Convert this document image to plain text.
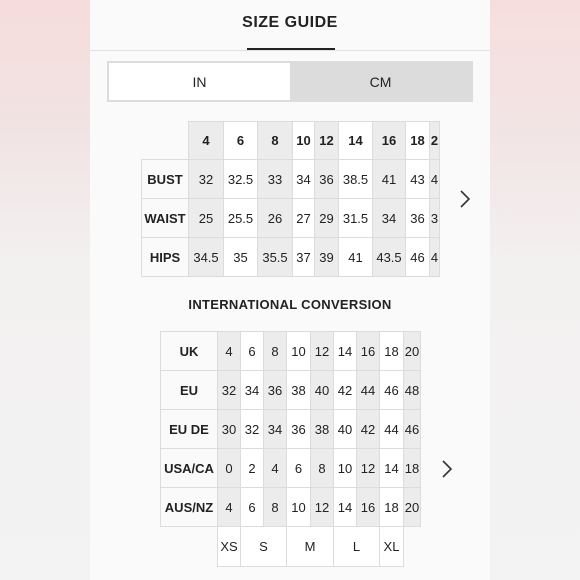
SIZE GUIDE
IN	CM
	4	6	8	10	12	14	16	18	2
BUST	32	32.5	33	34	36	38.5	41	43	4
WAIST	25	25.5	26	27	29	31.5	34	36	3
HIPS	34.5	35	35.5	37	39	41	43.5	46	4
INTERNATIONAL CONVERSION
UK	4	6	8	10	12	14	16	18	20
EU	32	34	36	38	40	42	44	46	48
EU DE	30	32	34	36	38	40	42	44	46
USA/CA	0	2	4	6	8	10	12	14	18
AUS/NZ	4	6	8	10	12	14	16	18	20
	XS	S		M		L		XL	
